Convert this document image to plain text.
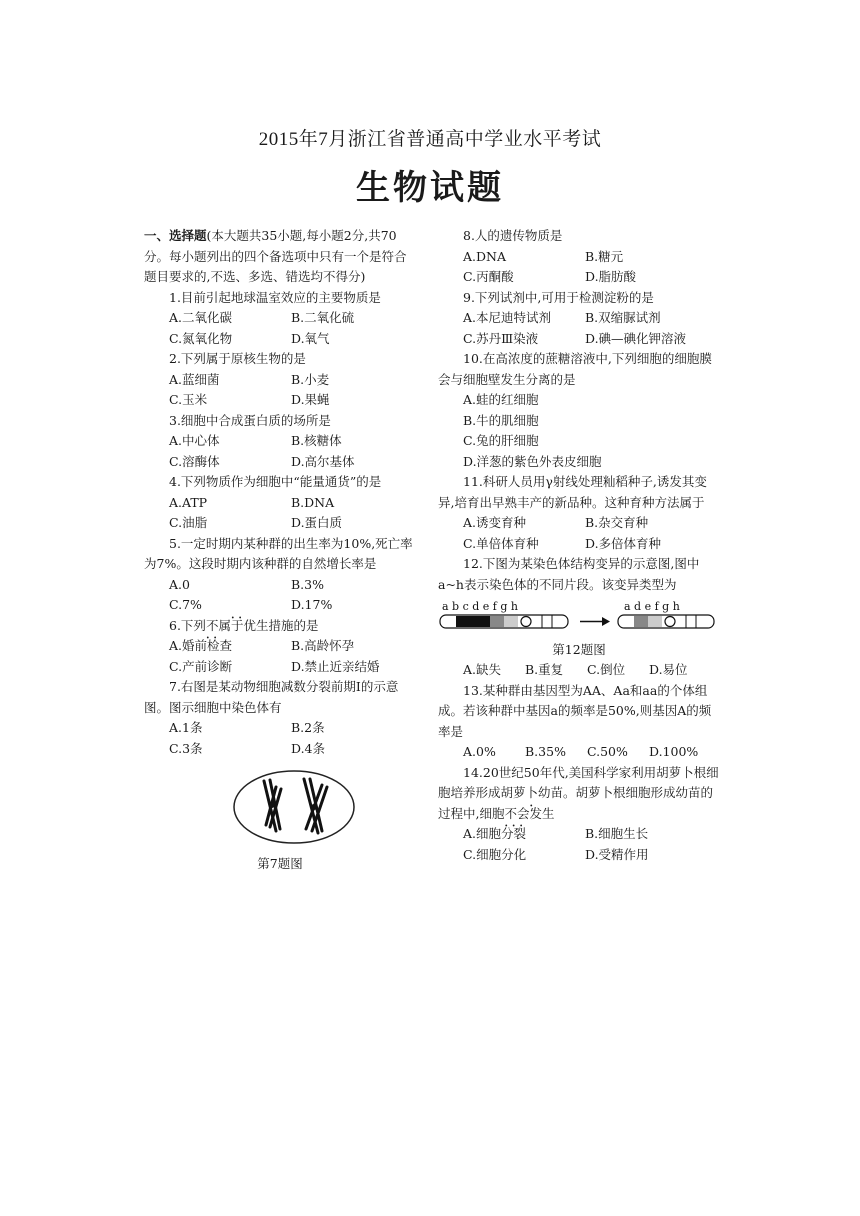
2015年7月浙江省普通高中学业水平考试
生物试题

一、选择题(本大题共35小题,每小题2分,共70分。每小题列出的四个备选项中只有一个是符合题目要求的,不选、多选、错选均不得分)

1.目前引起地球温室效应的主要物质是

A.二氧化碳	B.二氧化硫
C.氮氧化物	D.氧气

2.下列属于原核生物的是

A.蓝细菌	B.小麦
C.玉米	D.果蝇

3.细胞中合成蛋白质的场所是

A.中心体	B.核糖体
C.溶酶体	D.高尔基体

4.下列物质作为细胞中“能量通货”的是

A.ATP	B.DNA
C.油脂	D.蛋白质

5.一定时期内某种群的出生率为10%,死亡率为7%。这段时期内该种群的自然增长率是

A.0	B.3%
C.7%	D.17%

6.下列不属于 • • • •优生措施的是

A.婚前检查	B.高龄怀孕
C.产前诊断	D.禁止近亲结婚

7.右图是某动物细胞减数分裂前期Ⅰ的示意图。图示细胞中染色体有

A.1条	B.2条
C.3条	D.4条

第7题图

8.人的遗传物质是

A.DNA	B.糖元
C.丙酮酸	D.脂肪酸

9.下列试剂中,可用于检测淀粉的是

A.本尼迪特试剂	B.双缩脲试剂
C.苏丹Ⅲ染液	D.碘—碘化钾溶液

10.在高浓度的蔗糖溶液中,下列细胞的细胞膜会与细胞壁发生分离的是

A.蛙的红细胞
B.牛的肌细胞
C.兔的肝细胞
D.洋葱的紫色外表皮细胞

11.科研人员用γ射线处理籼稻种子,诱发其变异,培育出早熟丰产的新品种。这种育种方法属于

A.诱变育种	B.杂交育种
C.单倍体育种	D.多倍体育种

12.下图为某染色体结构变异的示意图,图中a~h表示染色体的不同片段。该变异类型为

a b c d e f g h	a d e f g h

第12题图

A.缺失	B.重复	C.倒位	D.易位

13.某种群由基因型为AA、Aa和aa的个体组成。若该种群中基因a的频率是50%,则基因A的频率是

A.0%	B.35%	C.50%	D.100%

14.20世纪50年代,美国科学家利用胡萝卜根细胞培养形成胡萝卜幼苗。胡萝卜根细胞形成幼苗的过程中,细胞不会 • • • •发生

A.细胞分裂	B.细胞生长
C.细胞分化	D.受精作用
